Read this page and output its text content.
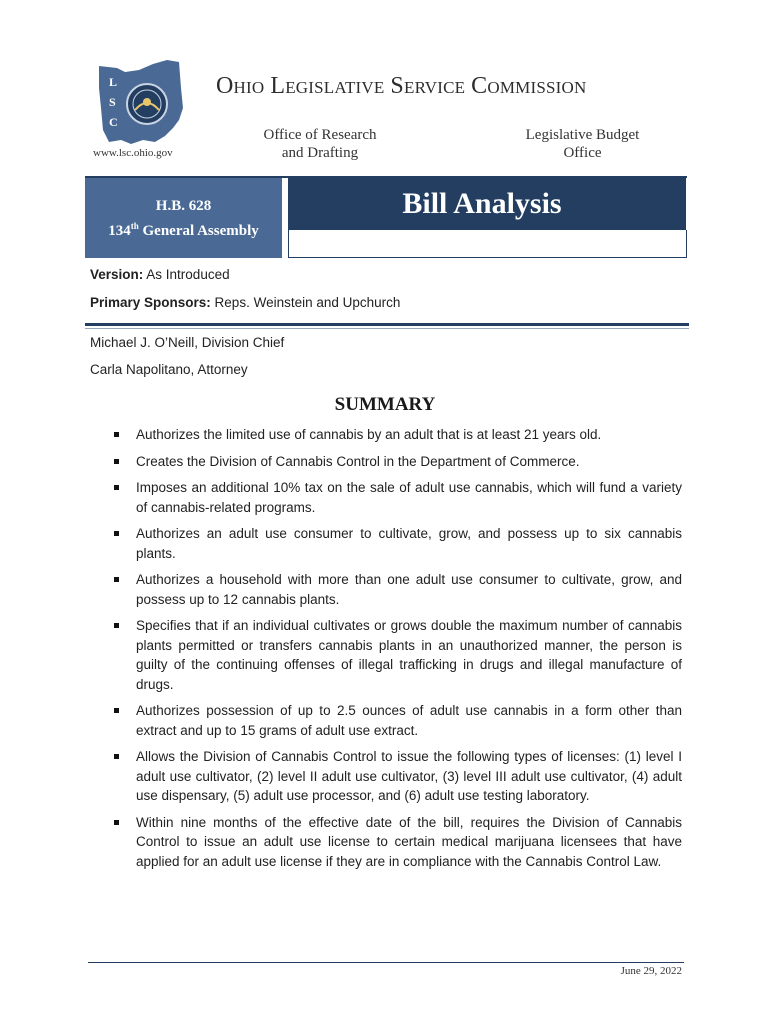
L
S
C
www.lsc.ohio.gov
OHIO LEGISLATIVE SERVICE COMMISSION
Office of Research
and Drafting
Legislative Budget
Office
H.B. 628
134th General Assembly
Bill Analysis
Version: As Introduced
Primary Sponsors: Reps. Weinstein and Upchurch
Michael J. O’Neill, Division Chief
Carla Napolitano, Attorney
SUMMARY
Authorizes the limited use of cannabis by an adult that is at least 21 years old.
Creates the Division of Cannabis Control in the Department of Commerce.
Imposes an additional 10% tax on the sale of adult use cannabis, which will fund a variety of cannabis-related programs.
Authorizes an adult use consumer to cultivate, grow, and possess up to six cannabis plants.
Authorizes a household with more than one adult use consumer to cultivate, grow, and possess up to 12 cannabis plants.
Specifies that if an individual cultivates or grows double the maximum number of cannabis plants permitted or transfers cannabis plants in an unauthorized manner, the person is guilty of the continuing offenses of illegal trafficking in drugs and illegal manufacture of drugs.
Authorizes possession of up to 2.5 ounces of adult use cannabis in a form other than extract and up to 15 grams of adult use extract.
Allows the Division of Cannabis Control to issue the following types of licenses: (1) level I adult use cultivator, (2) level II adult use cultivator, (3) level III adult use cultivator, (4) adult use dispensary, (5) adult use processor, and (6) adult use testing laboratory.
Within nine months of the effective date of the bill, requires the Division of Cannabis Control to issue an adult use license to certain medical marijuana licensees that have applied for an adult use license if they are in compliance with the Cannabis Control Law.
June 29, 2022
